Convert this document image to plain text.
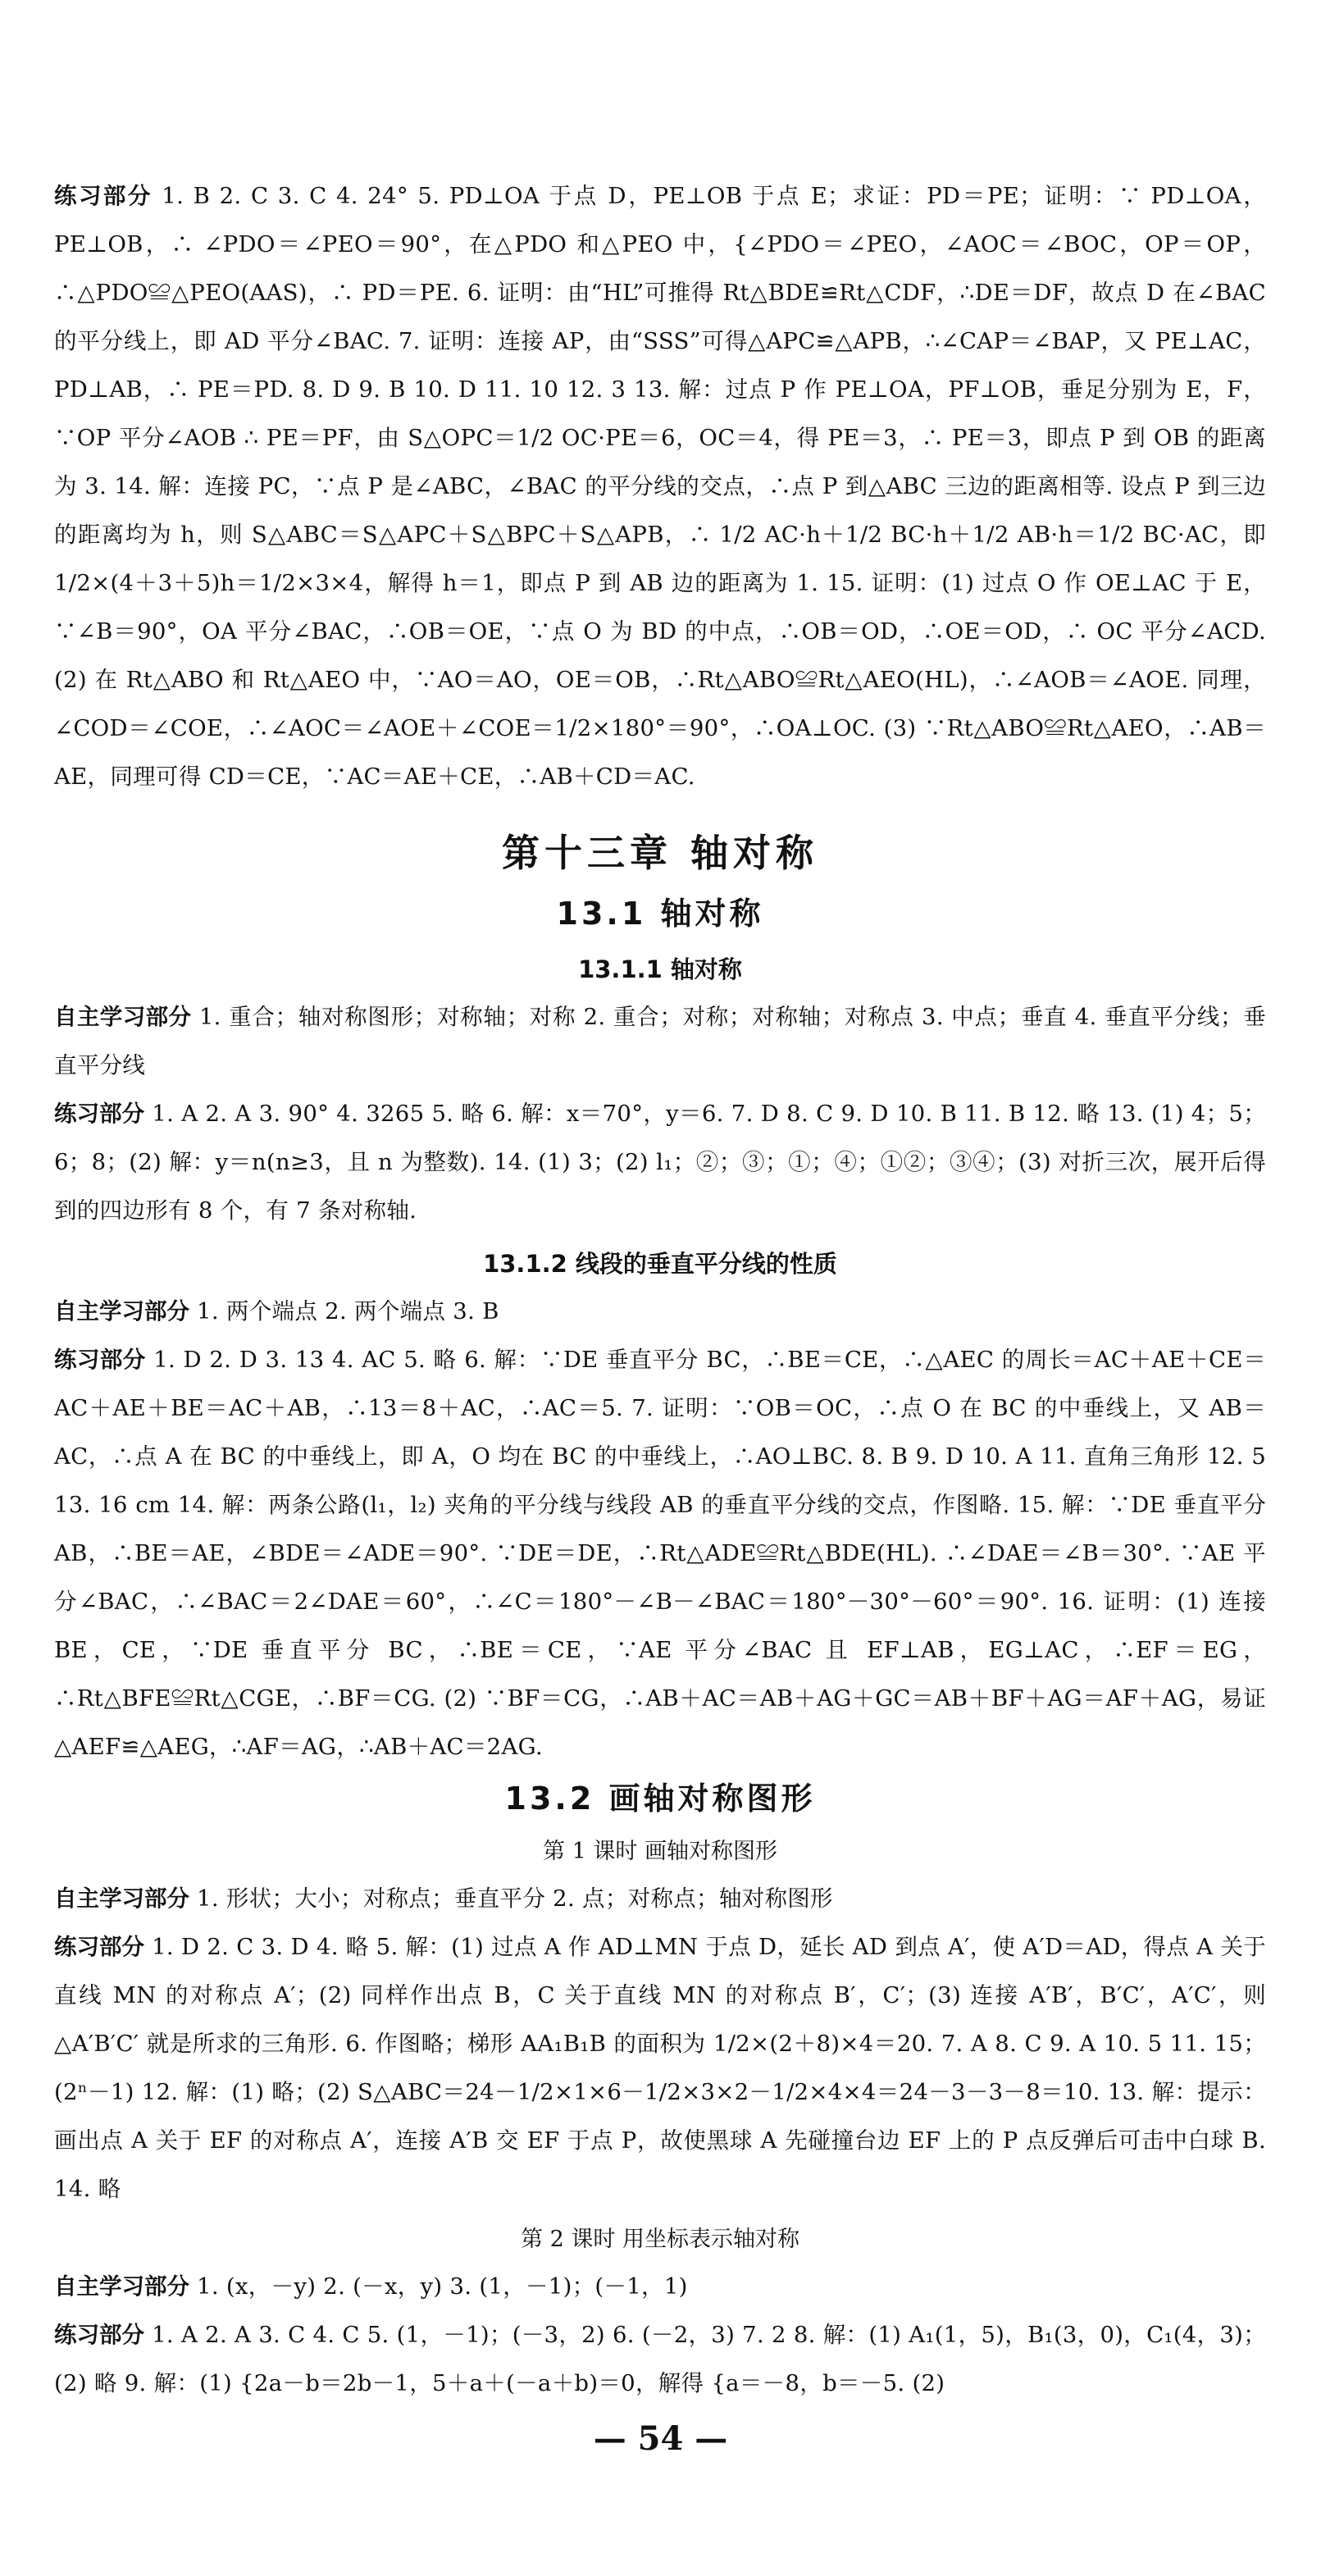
练习部分 1. B 2. C 3. C 4. 24° 5. PD⊥OA 于点 D，PE⊥OB 于点 E；求证：PD＝PE；证明：∵ PD⊥OA，PE⊥OB，∴ ∠PDO＝∠PEO＝90°，在△PDO 和△PEO 中，{∠PDO＝∠PEO，∠AOC＝∠BOC，OP＝OP，∴△PDO≌△PEO(AAS)，∴ PD＝PE. 6. 证明：由“HL”可推得 Rt△BDE≌Rt△CDF，∴DE＝DF，故点 D 在∠BAC 的平分线上，即 AD 平分∠BAC. 7. 证明：连接 AP，由“SSS”可得△APC≌△APB，∴∠CAP＝∠BAP，又 PE⊥AC，PD⊥AB，∴ PE＝PD. 8. D 9. B 10. D 11. 10 12. 3 13. 解：过点 P 作 PE⊥OA，PF⊥OB，垂足分别为 E，F，∵OP 平分∠AOB ∴ PE＝PF，由 S△OPC＝1/2 OC·PE＝6，OC＝4，得 PE＝3，∴ PE＝3，即点 P 到 OB 的距离为 3. 14. 解：连接 PC，∵点 P 是∠ABC，∠BAC 的平分线的交点，∴点 P 到△ABC 三边的距离相等. 设点 P 到三边的距离均为 h，则 S△ABC＝S△APC＋S△BPC＋S△APB，∴ 1/2 AC·h＋1/2 BC·h＋1/2 AB·h＝1/2 BC·AC，即 1/2×(4＋3＋5)h＝1/2×3×4，解得 h＝1，即点 P 到 AB 边的距离为 1. 15. 证明：(1) 过点 O 作 OE⊥AC 于 E，∵∠B＝90°，OA 平分∠BAC，∴OB＝OE，∵点 O 为 BD 的中点，∴OB＝OD，∴OE＝OD，∴ OC 平分∠ACD. (2) 在 Rt△ABO 和 Rt△AEO 中，∵AO＝AO，OE＝OB，∴Rt△ABO≌Rt△AEO(HL)，∴∠AOB＝∠AOE. 同理，∠COD＝∠COE，∴∠AOC＝∠AOE＋∠COE＝1/2×180°＝90°，∴OA⊥OC. (3) ∵Rt△ABO≌Rt△AEO，∴AB＝AE，同理可得 CD＝CE，∵AC＝AE＋CE，∴AB＋CD＝AC.

第十三章 轴对称
13.1 轴对称
13.1.1 轴对称

自主学习部分 1. 重合；轴对称图形；对称轴；对称 2. 重合；对称；对称轴；对称点 3. 中点；垂直 4. 垂直平分线；垂直平分线

练习部分 1. A 2. A 3. 90° 4. 3265 5. 略 6. 解：x＝70°，y＝6. 7. D 8. C 9. D 10. B 11. B 12. 略 13. (1) 4；5；6；8；(2) 解：y＝n(n≥3，且 n 为整数). 14. (1) 3；(2) l₁；②；③；①；④；①②；③④；(3) 对折三次，展开后得到的四边形有 8 个，有 7 条对称轴.

13.1.2 线段的垂直平分线的性质

自主学习部分 1. 两个端点 2. 两个端点 3. B

练习部分 1. D 2. D 3. 13 4. AC 5. 略 6. 解：∵DE 垂直平分 BC，∴BE＝CE，∴△AEC 的周长＝AC＋AE＋CE＝AC＋AE＋BE＝AC＋AB，∴13＝8＋AC，∴AC＝5. 7. 证明：∵OB＝OC，∴点 O 在 BC 的中垂线上，又 AB＝AC，∴点 A 在 BC 的中垂线上，即 A，O 均在 BC 的中垂线上，∴AO⊥BC. 8. B 9. D 10. A 11. 直角三角形 12. 5 13. 16 cm 14. 解：两条公路(l₁，l₂) 夹角的平分线与线段 AB 的垂直平分线的交点，作图略. 15. 解：∵DE 垂直平分 AB，∴BE＝AE，∠BDE＝∠ADE＝90°. ∵DE＝DE，∴Rt△ADE≌Rt△BDE(HL). ∴∠DAE＝∠B＝30°. ∵AE 平分∠BAC，∴∠BAC＝2∠DAE＝60°，∴∠C＝180°－∠B－∠BAC＝180°－30°－60°＝90°. 16. 证明：(1) 连接 BE，CE，∵DE 垂直平分 BC，∴BE＝CE，∵AE 平分∠BAC 且 EF⊥AB，EG⊥AC，∴EF＝EG，∴Rt△BFE≌Rt△CGE，∴BF＝CG. (2) ∵BF＝CG，∴AB＋AC＝AB＋AG＋GC＝AB＋BF＋AG＝AF＋AG，易证△AEF≌△AEG，∴AF＝AG，∴AB＋AC＝2AG.

13.2 画轴对称图形
第 1 课时 画轴对称图形

自主学习部分 1. 形状；大小；对称点；垂直平分 2. 点；对称点；轴对称图形

练习部分 1. D 2. C 3. D 4. 略 5. 解：(1) 过点 A 作 AD⊥MN 于点 D，延长 AD 到点 A′，使 A′D＝AD，得点 A 关于直线 MN 的对称点 A′；(2) 同样作出点 B，C 关于直线 MN 的对称点 B′，C′；(3) 连接 A′B′，B′C′，A′C′，则△A′B′C′ 就是所求的三角形. 6. 作图略；梯形 AA₁B₁B 的面积为 1/2×(2＋8)×4＝20. 7. A 8. C 9. A 10. 5 11. 15；(2ⁿ－1) 12. 解：(1) 略；(2) S△ABC＝24－1/2×1×6－1/2×3×2－1/2×4×4＝24－3－3－8＝10. 13. 解：提示：画出点 A 关于 EF 的对称点 A′，连接 A′B 交 EF 于点 P，故使黑球 A 先碰撞台边 EF 上的 P 点反弹后可击中白球 B. 14. 略

第 2 课时 用坐标表示轴对称

自主学习部分 1. (x，－y) 2. (－x，y) 3. (1，－1)；(－1，1)

练习部分 1. A 2. A 3. C 4. C 5. (1，－1)；(－3，2) 6. (－2，3) 7. 2 8. 解：(1) A₁(1，5)，B₁(3，0)，C₁(4，3)；(2) 略 9. 解：(1) {2a－b＝2b－1，5＋a＋(－a＋b)＝0，解得 {a＝－8，b＝－5. (2)

— 54 —
